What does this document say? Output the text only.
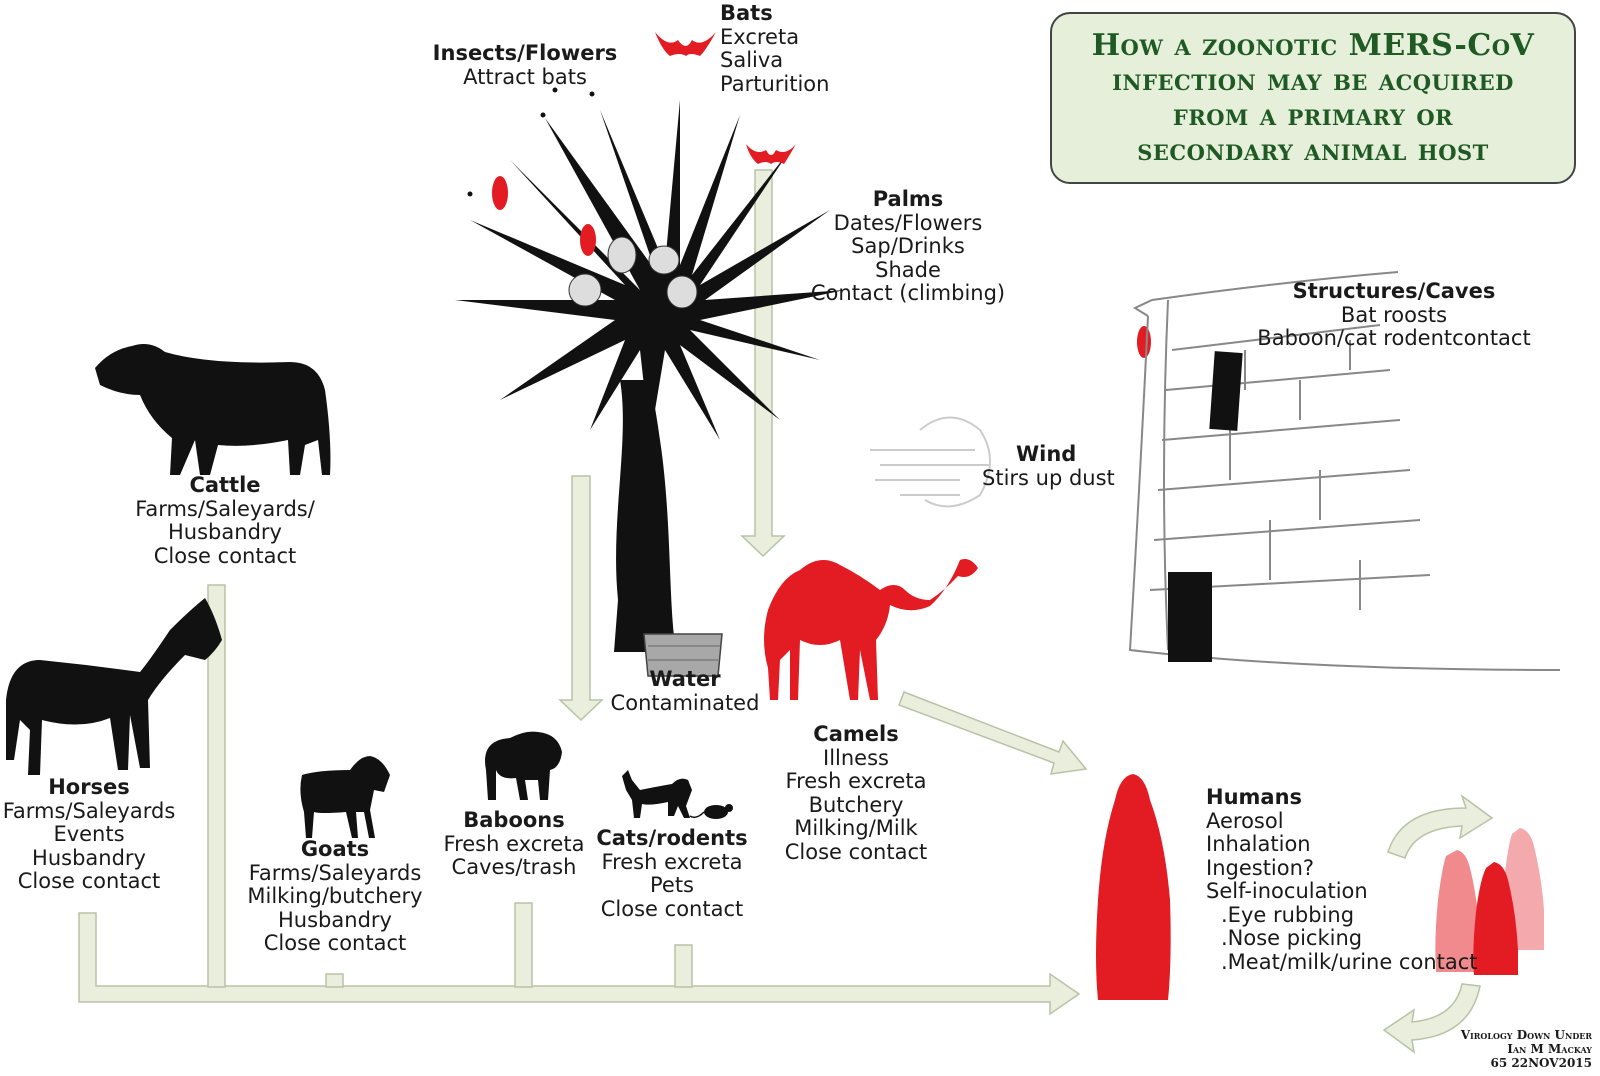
How a zoonotic MERS-CoV
infection may be acquired
from a primary or
secondary animal host
Bats
Excreta
Saliva
Parturition
Insects/Flowers
Attract bats
Palms
Dates/Flowers
Sap/Drinks
Shade
Contact (climbing)	Structures/Caves
Bat roosts
Baboon/cat rodentcontact
Wind
Stirs up dust
Cattle
Farms/Saleyards/
Husbandry
Close contact
Horses
Farms/Saleyards
Events
Husbandry
Close contact
Goats
Farms/Saleyards
Milking/butchery
Husbandry
Close contact
Baboons
Fresh excreta
Caves/trash
Cats/rodents
Fresh excreta
Pets
Close contact
Water
Contaminated
Camels
Illness
Fresh excreta
Butchery
Milking/Milk
Close contact
Humans
Aerosol
Inhalation
Ingestion?
Self-inoculation
.Eye rubbing
.Nose picking
.Meat/milk/urine contact
Virology Down Under
Ian M Mackay
65 22NOV2015
